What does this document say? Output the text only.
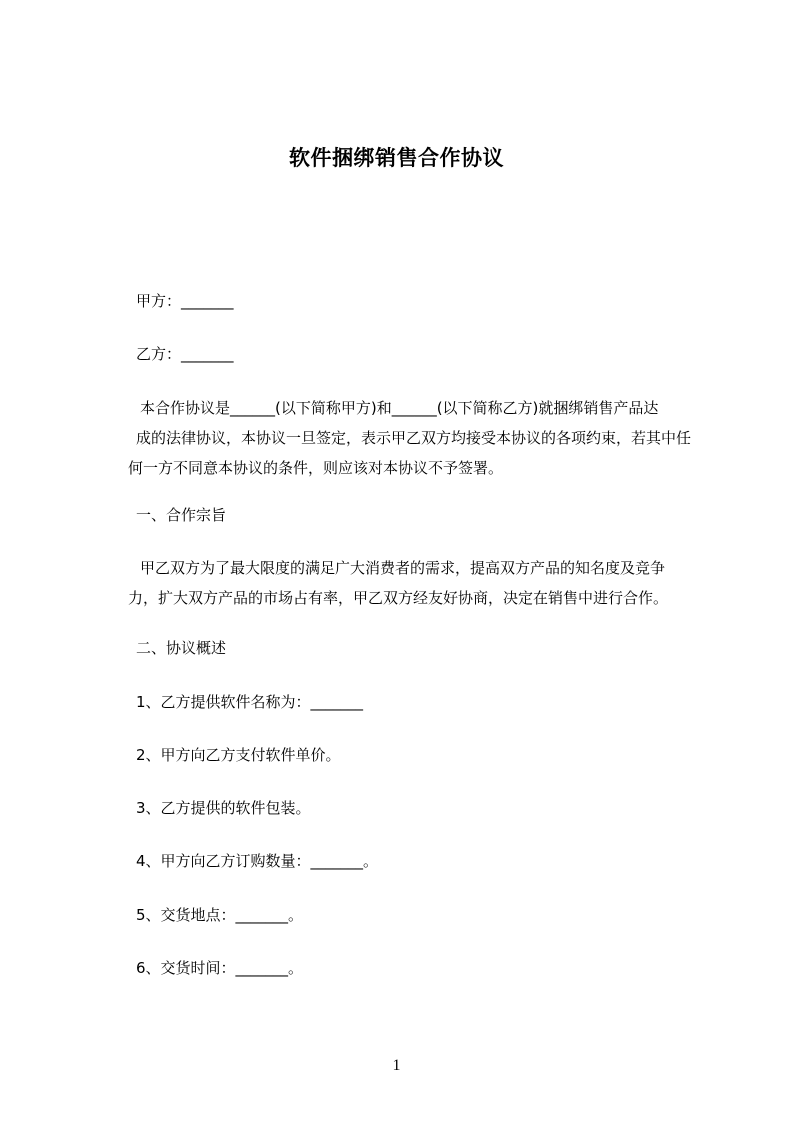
软件捆绑销售合作协议
甲方：_______
乙方：_______
本合作协议是______(以下简称甲方)和______(以下简称乙方)就捆绑销售产品达
成的法律协议，本协议一旦签定，表示甲乙双方均接受本协议的各项约束，若其中任
何一方不同意本协议的条件，则应该对本协议不予签署。
一、合作宗旨
甲乙双方为了最大限度的满足广大消费者的需求，提高双方产品的知名度及竞争
力，扩大双方产品的市场占有率，甲乙双方经友好协商，决定在销售中进行合作。
二、协议概述
1、乙方提供软件名称为：_______
2、甲方向乙方支付软件单价。
3、乙方提供的软件包装。
4、甲方向乙方订购数量：_______。
5、交货地点：_______。
6、交货时间：_______。
1
